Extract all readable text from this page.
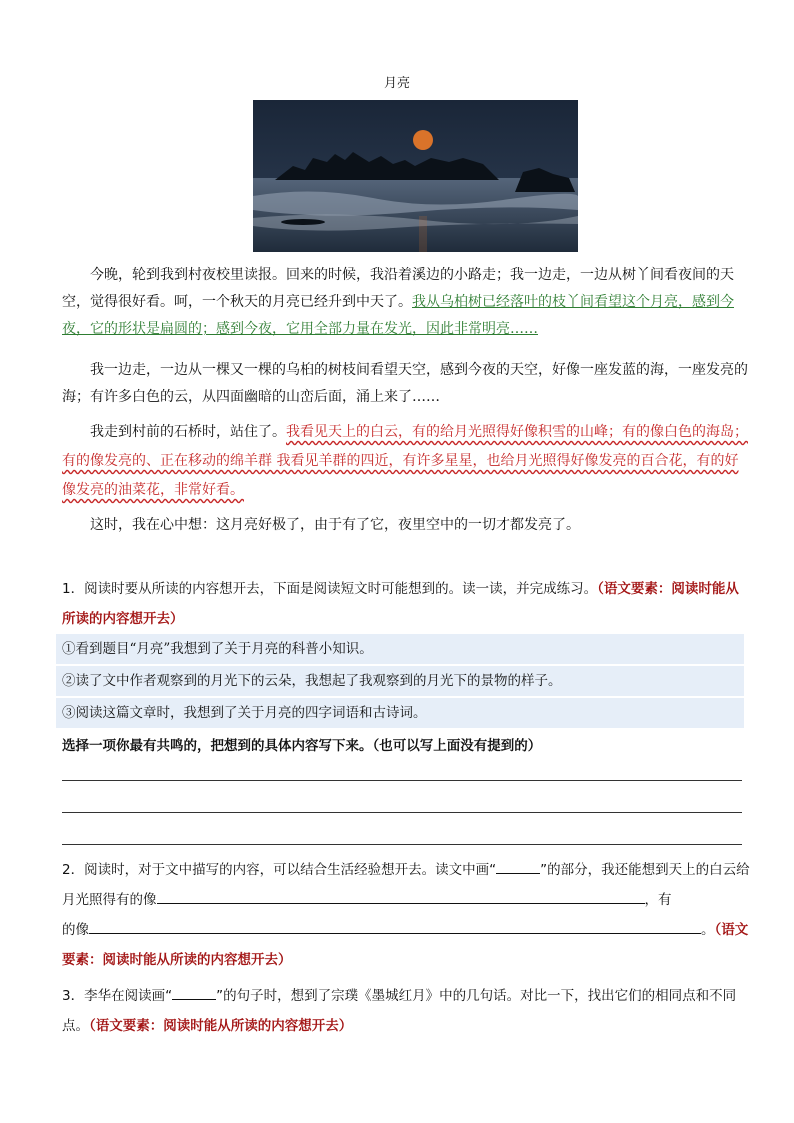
月亮

今晚，轮到我到村夜校里读报。回来的时候，我沿着溪边的小路走；我一边走，一边从树丫间看夜间的天空，觉得很好看。呵，一个秋天的月亮已经升到中天了。我从乌柏树已经落叶的枝丫间看望这个月亮，感到今夜，它的形状是扁圆的；感到今夜，它用全部力量在发光，因此非常明亮……

我一边走，一边从一棵又一棵的乌桕的树枝间看望天空，感到今夜的天空，好像一座发蓝的海，一座发亮的海；有许多白色的云，从四面幽暗的山峦后面，涌上来了……

我走到村前的石桥时，站住了。我看见天上的白云，有的给月光照得好像积雪的山峰；有的像白色的海岛；有的像发亮的、正在移动的绵羊群 我看见羊群的四近，有许多星星，也给月光照得好像发亮的百合花，有的好像发亮的油菜花，非常好看。

这时，我在心中想：这月亮好极了，由于有了它，夜里空中的一切才都发亮了。

1．阅读时要从所读的内容想开去，下面是阅读短文时可能想到的。读一读，并完成练习。（语文要素：阅读时能从所读的内容想开去）

①看到题目“月亮”我想到了关于月亮的科普小知识。
②读了文中作者观察到的月光下的云朵，我想起了我观察到的月光下的景物的样子。
③阅读这篇文章时，我想到了关于月亮的四字词语和古诗词。

选择一项你最有共鸣的，把想到的具体内容写下来。（也可以写上面没有提到的）

2．阅读时，对于文中描写的内容，可以结合生活经验想开去。读文中画“	”的部分，我还能想到天上的白云给月光照得有的像	，有
的像	。（语文要素：阅读时能从所读的内容想开去）

3．李华在阅读画“	”的句子时，想到了宗璞《墨城红月》中的几句话。对比一下，找出它们的相同点和不同点。（语文要素：阅读时能从所读的内容想开去）
